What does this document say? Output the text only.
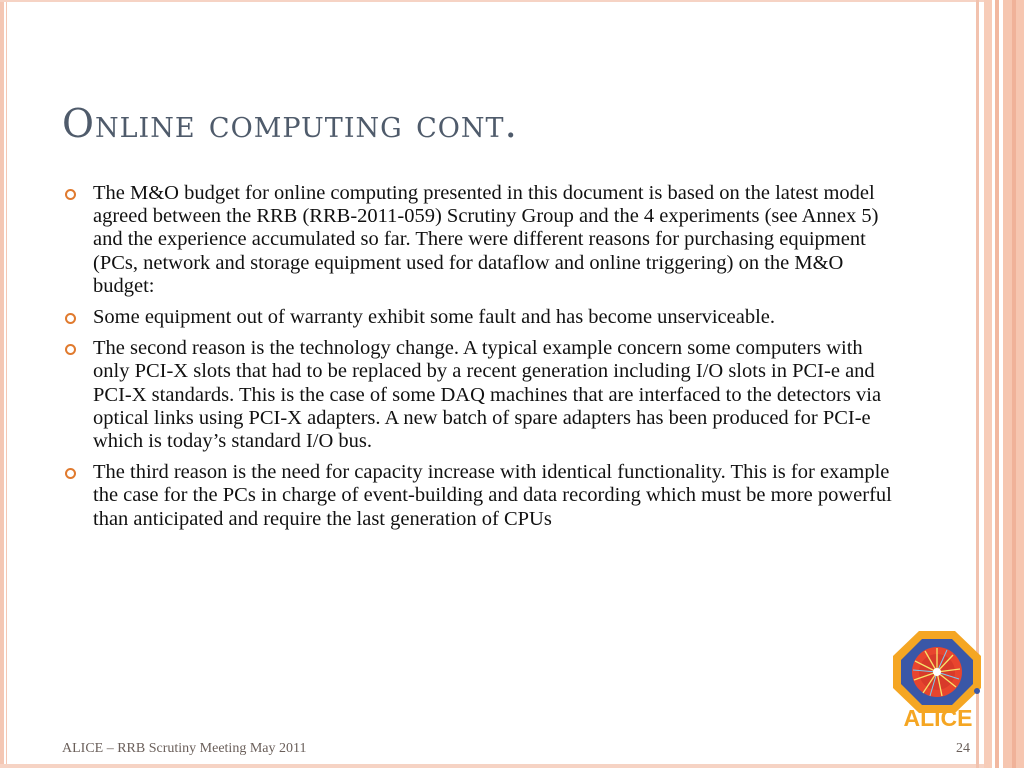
Online computing cont.
The M&O budget for online computing presented in this document is based on the latest model agreed between the RRB (RRB-2011-059) Scrutiny Group and the 4 experiments (see Annex 5) and the experience accumulated so far. There were different reasons for purchasing equipment (PCs, network and storage equipment used for dataflow and online triggering) on the M&O budget:
Some equipment out of warranty exhibit some fault and has become unserviceable.
The second reason is the technology change. A typical example concern some computers with only PCI-X slots that had to be replaced by a recent generation including I/O slots in PCI-e and PCI-X standards. This is the case of some DAQ machines that are interfaced to the detectors via optical links using PCI-X adapters. A new batch of spare adapters has been produced for PCI-e which is today’s standard I/O bus.
The third reason is the need for capacity increase with identical functionality. This is for example the case for the PCs in charge of event-building and data recording which must be more powerful than anticipated and require the last generation of CPUs
ALICE
ALICE – RRB Scrutiny Meeting May 2011	24
